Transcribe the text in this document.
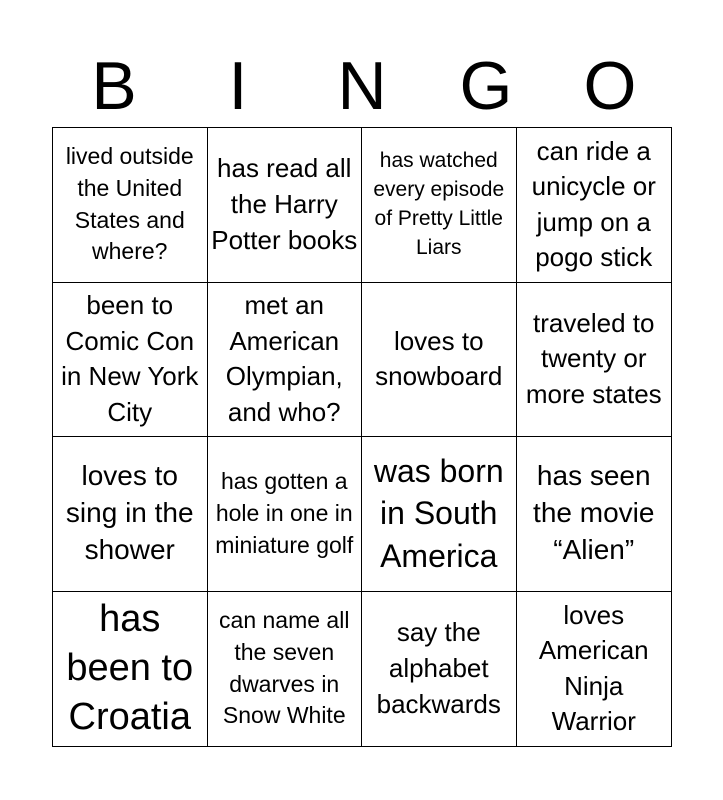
B	I	N	G	O
lived outside the United States and where?
has read all the Harry Potter books
has watched every episode of Pretty Little Liars
can ride a unicycle or jump on a pogo stick
been to Comic Con in New York City
met an American Olympian, and who?
loves to snowboard
traveled to twenty or more states
loves to sing in the shower
has gotten a hole in one in miniature golf
was born in South America
has seen the movie “Alien”
has been to Croatia
can name all the seven dwarves in Snow White
say the alphabet backwards
loves American Ninja Warrior
